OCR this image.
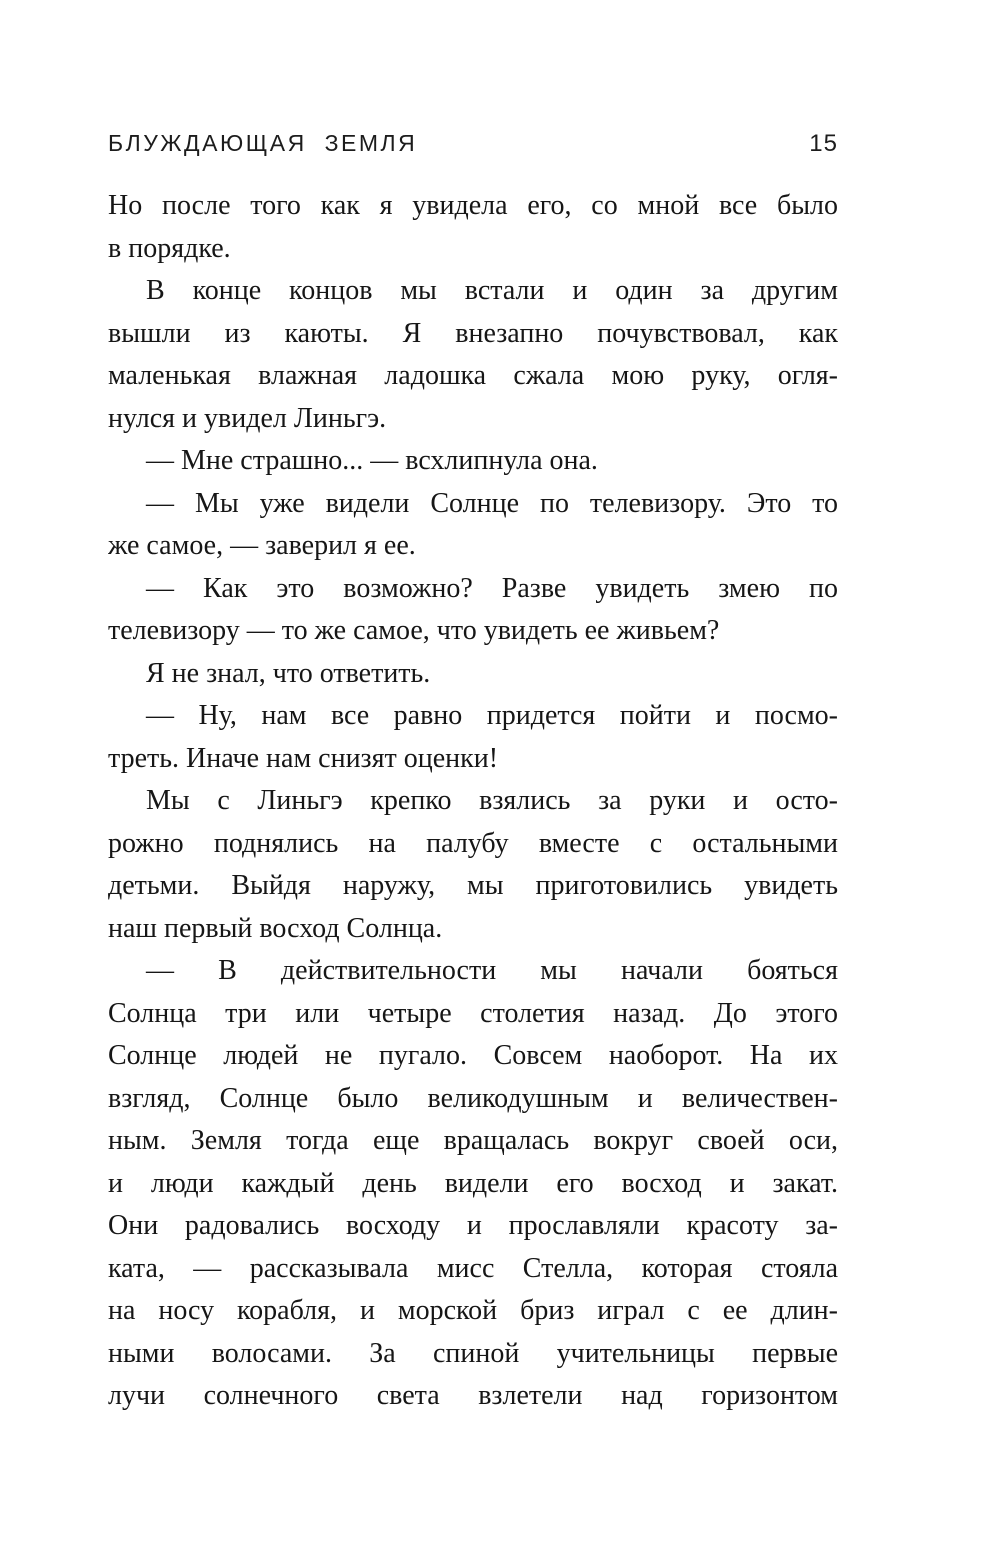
БЛУЖДАЮЩАЯ ЗЕМЛЯ	15
Но после того как я увидела его, со мной все было
в порядке.
В конце концов мы встали и один за другим
вышли из каюты. Я внезапно почувствовал, как
маленькая влажная ладошка сжала мою руку, огля-
нулся и увидел Линьгэ.
— Мне страшно... — всхлипнула она.
— Мы уже видели Солнце по телевизору. Это то
же самое, — заверил я ее.
— Как это возможно? Разве увидеть змею по
телевизору — то же самое, что увидеть ее живьем?
Я не знал, что ответить.
— Ну, нам все равно придется пойти и посмо-
треть. Иначе нам снизят оценки!
Мы с Линьгэ крепко взялись за руки и осто-
рожно поднялись на палубу вместе с остальными
детьми. Выйдя наружу, мы приготовились увидеть
наш первый восход Солнца.
— В действительности мы начали бояться
Солнца три или четыре столетия назад. До этого
Солнце людей не пугало. Совсем наоборот. На их
взгляд, Солнце было великодушным и величествен-
ным. Земля тогда еще вращалась вокруг своей оси,
и люди каждый день видели его восход и закат.
Они радовались восходу и прославляли красоту за-
ката, — рассказывала мисс Стелла, которая стояла
на носу корабля, и морской бриз играл с ее длин-
ными волосами. За спиной учительницы первые
лучи солнечного света взлетели над горизонтом
